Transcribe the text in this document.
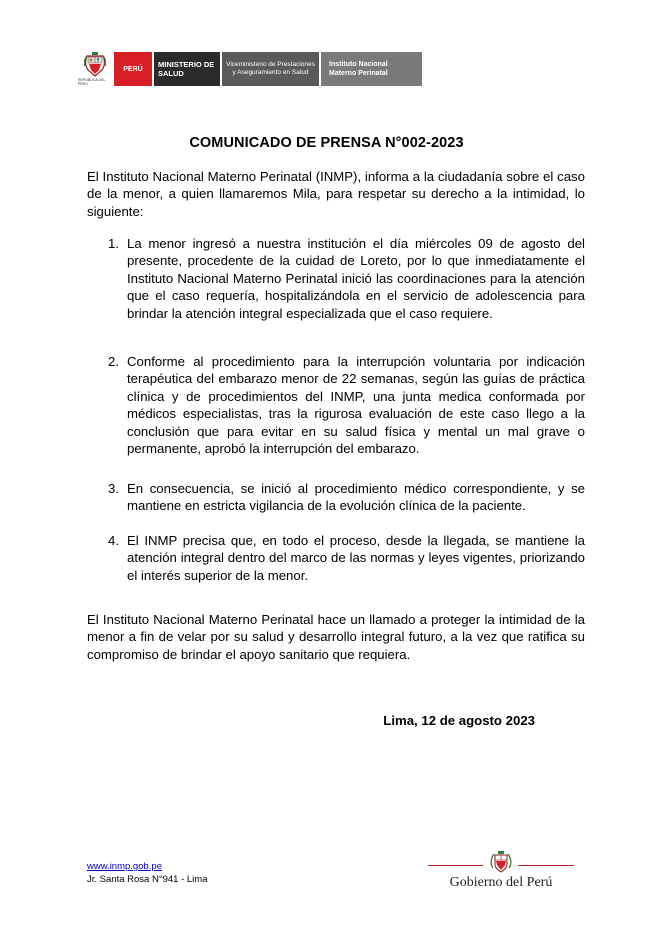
REPÚBLICA DEL PERÚ
PERÚ	MINISTERIO DE SALUD
Viceministerio de Prestaciones y Aseguramiento en Salud
Instituto Nacional Materno Perinatal
COMUNICADO DE PRENSA N°002-2023

El Instituto Nacional Materno Perinatal (INMP), informa a la ciudadanía sobre el caso de la menor, a quien llamaremos Mila, para respetar su derecho a la intimidad, lo siguiente:

1. La menor ingresó a nuestra institución el día miércoles 09 de agosto del presente, procedente de la cuidad de Loreto, por lo que inmediatamente el Instituto Nacional Materno Perinatal inició las coordinaciones para la atención que el caso requería, hospitalizándola en el servicio de adolescencia para brindar la atención integral especializada que el caso requiere.
2. Conforme al procedimiento para la interrupción voluntaria por indicación terapéutica del embarazo menor de 22 semanas, según las guías de práctica clínica y de procedimientos del INMP, una junta medica conformada por médicos especialistas, tras la rigurosa evaluación de este caso llego a la conclusión que para evitar en su salud física y mental un mal grave o permanente, aprobó la interrupción del embarazo.
3. En consecuencia, se inició al procedimiento médico correspondiente, y se mantiene en estricta vigilancia de la evolución clínica de la paciente.
4. El INMP precisa que, en todo el proceso, desde la llegada, se mantiene la atención integral dentro del marco de las normas y leyes vigentes, priorizando el interés superior de la menor.

El Instituto Nacional Materno Perinatal hace un llamado a proteger la intimidad de la menor a fin de velar por su salud y desarrollo integral futuro, a la vez que ratifica su compromiso de brindar el apoyo sanitario que requiera.

Lima, 12 de agosto 2023
www.inmp.gob.pe
Jr. Santa Rosa N°941 - Lima	Gobierno del Perú
